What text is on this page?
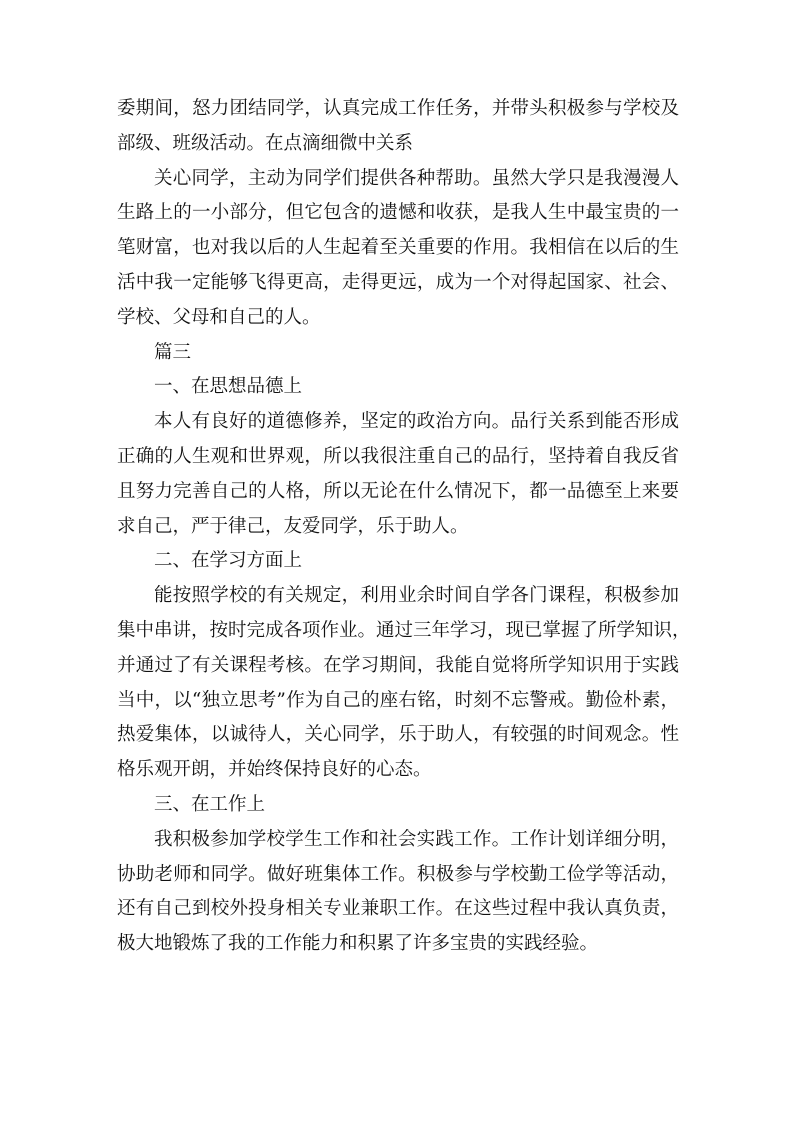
委期间，怒力团结同学，认真完成工作任务，并带头积极参与学校及
部级、班级活动。在点滴细微中关系
关心同学，主动为同学们提供各种帮助。虽然大学只是我漫漫人
生路上的一小部分，但它包含的遗憾和收获，是我人生中最宝贵的一
笔财富，也对我以后的人生起着至关重要的作用。我相信在以后的生
活中我一定能够飞得更高，走得更远，成为一个对得起国家、社会、
学校、父母和自己的人。
篇三
一、在思想品德上
本人有良好的道德修养，坚定的政治方向。品行关系到能否形成
正确的人生观和世界观，所以我很注重自己的品行，坚持着自我反省
且努力完善自己的人格，所以无论在什么情况下，都一品德至上来要
求自己，严于律己，友爱同学，乐于助人。
二、在学习方面上
能按照学校的有关规定，利用业余时间自学各门课程，积极参加
集中串讲，按时完成各项作业。通过三年学习，现已掌握了所学知识，
并通过了有关课程考核。在学习期间，我能自觉将所学知识用于实践
当中，以“独立思考”作为自己的座右铭，时刻不忘警戒。勤俭朴素，
热爱集体，以诚待人，关心同学，乐于助人，有较强的时间观念。性
格乐观开朗，并始终保持良好的心态。
三、在工作上
我积极参加学校学生工作和社会实践工作。工作计划详细分明，
协助老师和同学。做好班集体工作。积极参与学校勤工俭学等活动，
还有自己到校外投身相关专业兼职工作。在这些过程中我认真负责，
极大地锻炼了我的工作能力和积累了许多宝贵的实践经验。
